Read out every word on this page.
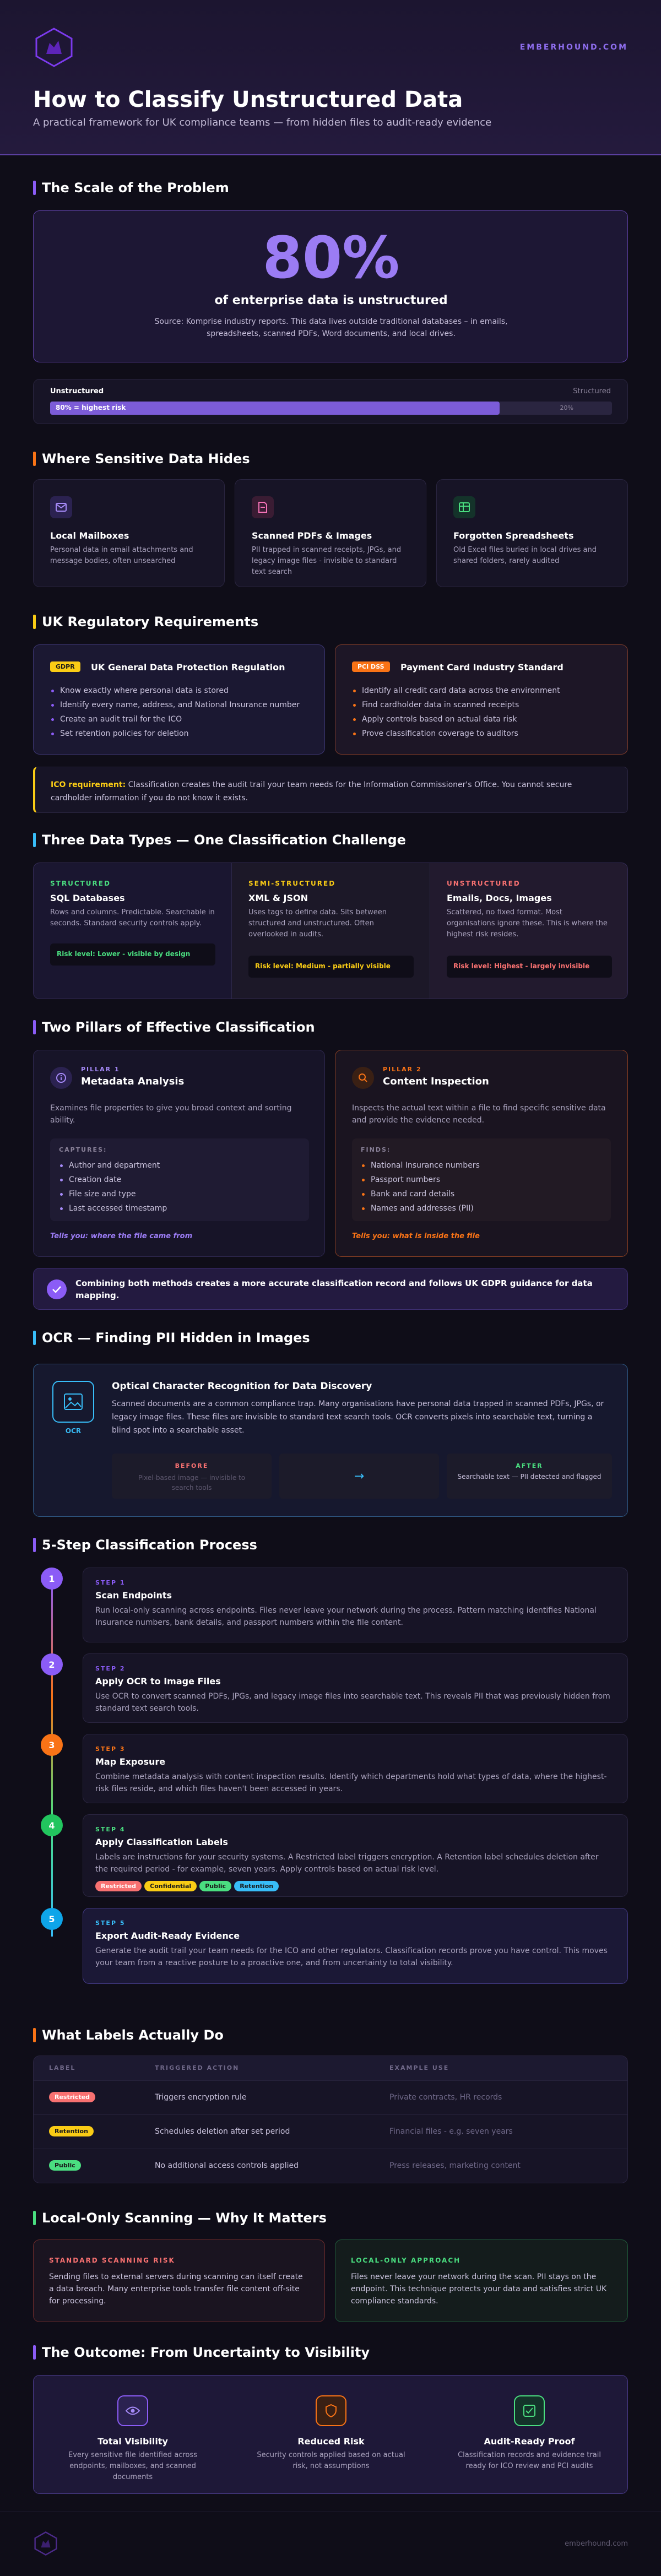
EMBERHOUND.COM
How to Classify Unstructured Data
A practical framework for UK compliance teams — from hidden files to audit-ready evidence
The Scale of the Problem
80%
of enterprise data is unstructured
Source: Komprise industry reports. This data lives outside traditional databases – in emails, spreadsheets, scanned PDFs, Word documents, and local drives.
Unstructured	Structured
80% = highest risk	20%
Where Sensitive Data Hides
Local Mailboxes
Personal data in email attachments and message bodies, often unsearched
Scanned PDFs & Images
PII trapped in scanned receipts, JPGs, and legacy image files - invisible to standard text search
Forgotten Spreadsheets
Old Excel files buried in local drives and shared folders, rarely audited
UK Regulatory Requirements
GDPR	UK General Data Protection Regulation
Know exactly where personal data is stored
Identify every name, address, and National Insurance number
Create an audit trail for the ICO
Set retention policies for deletion
PCI DSS	Payment Card Industry Standard
Identify all credit card data across the environment
Find cardholder data in scanned receipts
Apply controls based on actual data risk
Prove classification coverage to auditors
ICO requirement: Classification creates the audit trail your team needs for the Information Commissioner's Office. You cannot secure cardholder information if you do not know it exists.
Three Data Types — One Classification Challenge
STRUCTURED
SQL Databases
Rows and columns. Predictable. Searchable in seconds. Standard security controls apply.
Risk level: Lower - visible by design
SEMI-STRUCTURED
XML & JSON
Uses tags to define data. Sits between structured and unstructured. Often overlooked in audits.
Risk level: Medium - partially visible
UNSTRUCTURED
Emails, Docs, Images
Scattered, no fixed format. Most organisations ignore these. This is where the highest risk resides.
Risk level: Highest - largely invisible
Two Pillars of Effective Classification
PILLAR 1
Metadata Analysis
Examines file properties to give you broad context and sorting ability.
CAPTURES:
Author and department
Creation date
File size and type
Last accessed timestamp
Tells you: where the file came from
PILLAR 2
Content Inspection
Inspects the actual text within a file to find specific sensitive data and provide the evidence needed.
FINDS:
National Insurance numbers
Passport numbers
Bank and card details
Names and addresses (PII)
Tells you: what is inside the file
Combining both methods creates a more accurate classification record and follows UK GDPR guidance for data mapping.
OCR — Finding PII Hidden in Images
OCR
Optical Character Recognition for Data Discovery
Scanned documents are a common compliance trap. Many organisations have personal data trapped in scanned PDFs, JPGs, or legacy image files. These files are invisible to standard text search tools. OCR converts pixels into searchable text, turning a blind spot into a searchable asset.
BEFORE
Pixel-based image — invisible to search tools
→
AFTER
Searchable text — PII detected and flagged
5-Step Classification Process
1	STEP 1
Scan Endpoints
Run local-only scanning across endpoints. Files never leave your network during the process. Pattern matching identifies National Insurance numbers, bank details, and passport numbers within the file content.
2	STEP 2
Apply OCR to Image Files
Use OCR to convert scanned PDFs, JPGs, and legacy image files into searchable text. This reveals PII that was previously hidden from standard text search tools.
3	STEP 3
Map Exposure
Combine metadata analysis with content inspection results. Identify which departments hold what types of data, where the highest-risk files reside, and which files haven't been accessed in years.
4	STEP 4
Apply Classification Labels
Labels are instructions for your security systems. A Restricted label triggers encryption. A Retention label schedules deletion after the required period - for example, seven years. Apply controls based on actual risk level.
Restricted Confidential Public Retention
5	STEP 5
Export Audit-Ready Evidence
Generate the audit trail your team needs for the ICO and other regulators. Classification records prove you have control. This moves your team from a reactive posture to a proactive one, and from uncertainty to total visibility.
What Labels Actually Do
LABEL	TRIGGERED ACTION	EXAMPLE USE
Restricted	Triggers encryption rule	Private contracts, HR records
Retention	Schedules deletion after set period	Financial files - e.g. seven years
Public	No additional access controls applied	Press releases, marketing content
Local-Only Scanning — Why It Matters
STANDARD SCANNING RISK
Sending files to external servers during scanning can itself create a data breach. Many enterprise tools transfer file content off-site for processing.
LOCAL-ONLY APPROACH
Files never leave your network during the scan. PII stays on the endpoint. This technique protects your data and satisfies strict UK compliance standards.
The Outcome: From Uncertainty to Visibility
Total Visibility
Every sensitive file identified across endpoints, mailboxes, and scanned documents
Reduced Risk
Security controls applied based on actual risk, not assumptions
Audit-Ready Proof
Classification records and evidence trail ready for ICO review and PCI audits
emberhound.com
